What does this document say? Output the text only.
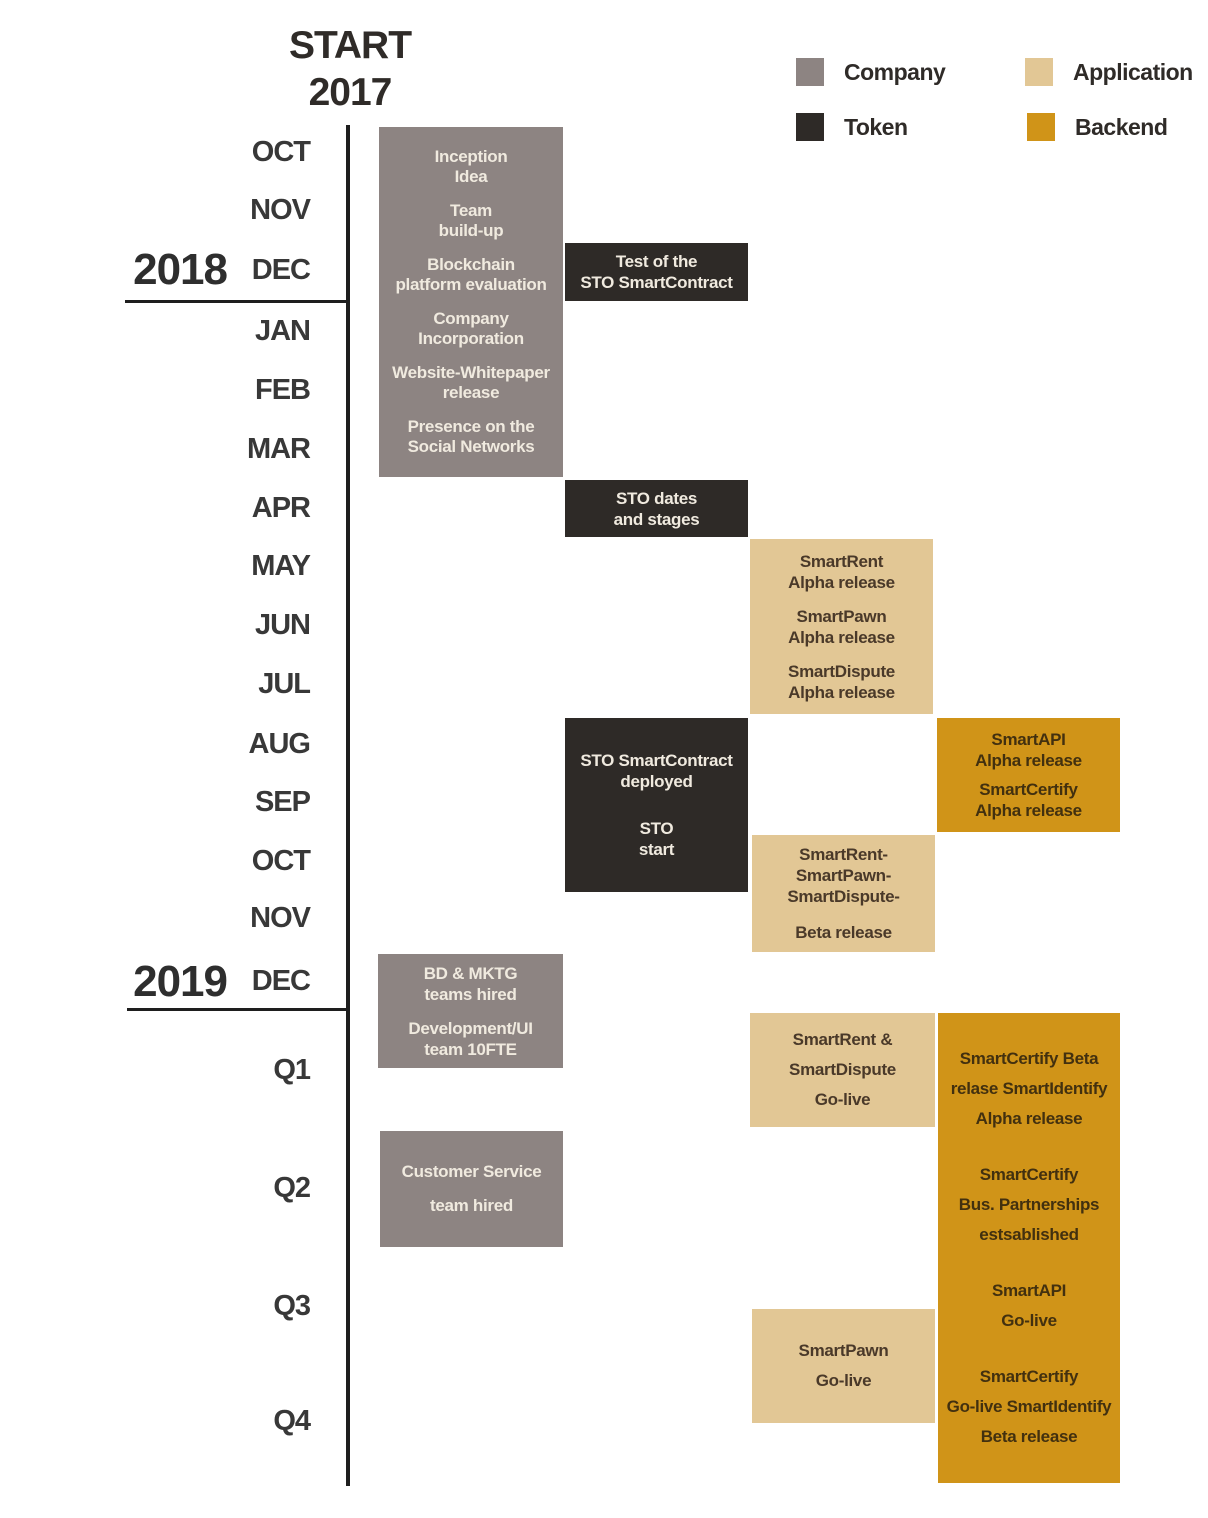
START
2017
OCT
NOV
DEC
JAN
FEB
MAR
APR
MAY
JUN
JUL
AUG
SEP
OCT
NOV
DEC
Q1
Q2
Q3
Q4
2018
2019
Company
Token
Application
Backend
Inception
Idea
Team
build-up
Blockchain
platform evaluation
Company
Incorporation
Website-Whitepaper
release
Presence on the
Social Networks
Test of the
STO SmartContract
STO dates
and stages
SmartRent
Alpha release
SmartPawn
Alpha release
SmartDispute
Alpha release
STO SmartContract
deployed
STO
start
SmartAPI
Alpha release
SmartCertify
Alpha release
SmartRent-
SmartPawn-
SmartDispute-
Beta release
BD & MKTG
teams hired
Development/UI
team 10FTE	SmartRent &
SmartDispute
Go-live
SmartCertify Beta
relase SmartIdentify
Alpha release
SmartCertify
Bus. Partnerships
estsablished
SmartAPI
Go-live
SmartCertify
Go-live SmartIdentify
Beta release
Customer Service
team hired
SmartPawn
Go-live
